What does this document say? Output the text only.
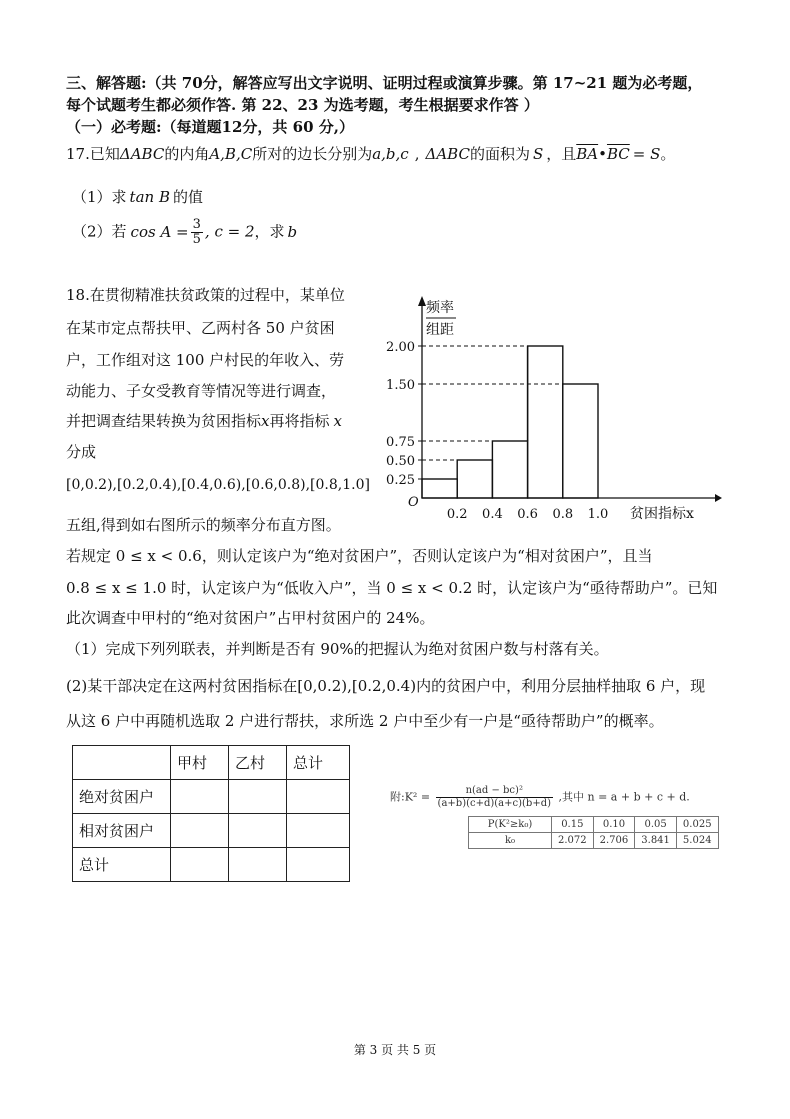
三、解答题:（共 70分，解答应写出文字说明、证明过程或演算步骤。第 17~21 题为必考题，
每个试题考生都必须作答. 第 22、23 为选考题，考生根据要求作答 ）
（一）必考题:（每道题12分，共 60 分,）
17.已知ΔABC的内角A,B,C所对的边长分别为a,b,c , ΔABC的面积为 S ，且$\overline{BA}•\overline{BC} = S$。
（1）求 tan B 的值
（2）若 $\cos A = \frac{3}{5}$ , c = 2，求 b
18.在贯彻精准扶贫政策的过程中，某单位
在某市定点帮扶甲、乙两村各 50 户贫困
户，工作组对这 100 户村民的年收入、劳
动能力、子女受教育等情况等进行调查，
并把调查结果转换为贫困指标x再将指标 x
分成
[0,0.2),[0.2,0.4),[0.4,0.6),[0.6,0.8),[0.8,1.0]
五组,得到如右图所示的频率分布直方图。
若规定 0 ≤ x < 0.6，则认定该户为“绝对贫困户”，否则认定该户为“相对贫困户”，且当
0.8 ≤ x ≤ 1.0 时，认定该户为“低收入户”，当 0 ≤ x < 0.2 时，认定该户为“亟待帮助户”。已知
此次调查中甲村的“绝对贫困户”占甲村贫困户的 24%。
（1）完成下列列联表，并判断是否有 90%的把握认为绝对贫困户数与村落有关。
(2)某干部决定在这两村贫困指标在[0,0.2),[0.2,0.4)内的贫困户中，利用分层抽样抽取 6 户，现
从这 6 户中再随机选取 2 户进行帮扶，求所选 2 户中至少有一户是“亟待帮助户”的概率。
0.25
0.50
0.75
1.50
2.00
0.2 0.4 0.6 0.8 1.0
O
频率
组距
贫困指标x
	甲村	乙村	总计
绝对贫困户			
相对贫困户			
总计			
附:K² = $\frac{\text{n(ad − bc)²}}{(a+b)(c+d)(a+c)(b+d)}$ ,其中 n = a + b + c + d.
P(K²≥k₀)	0.15	0.10	0.05	0.025
k₀	2.072	2.706	3.841	5.024
第 3 页 共 5 页
